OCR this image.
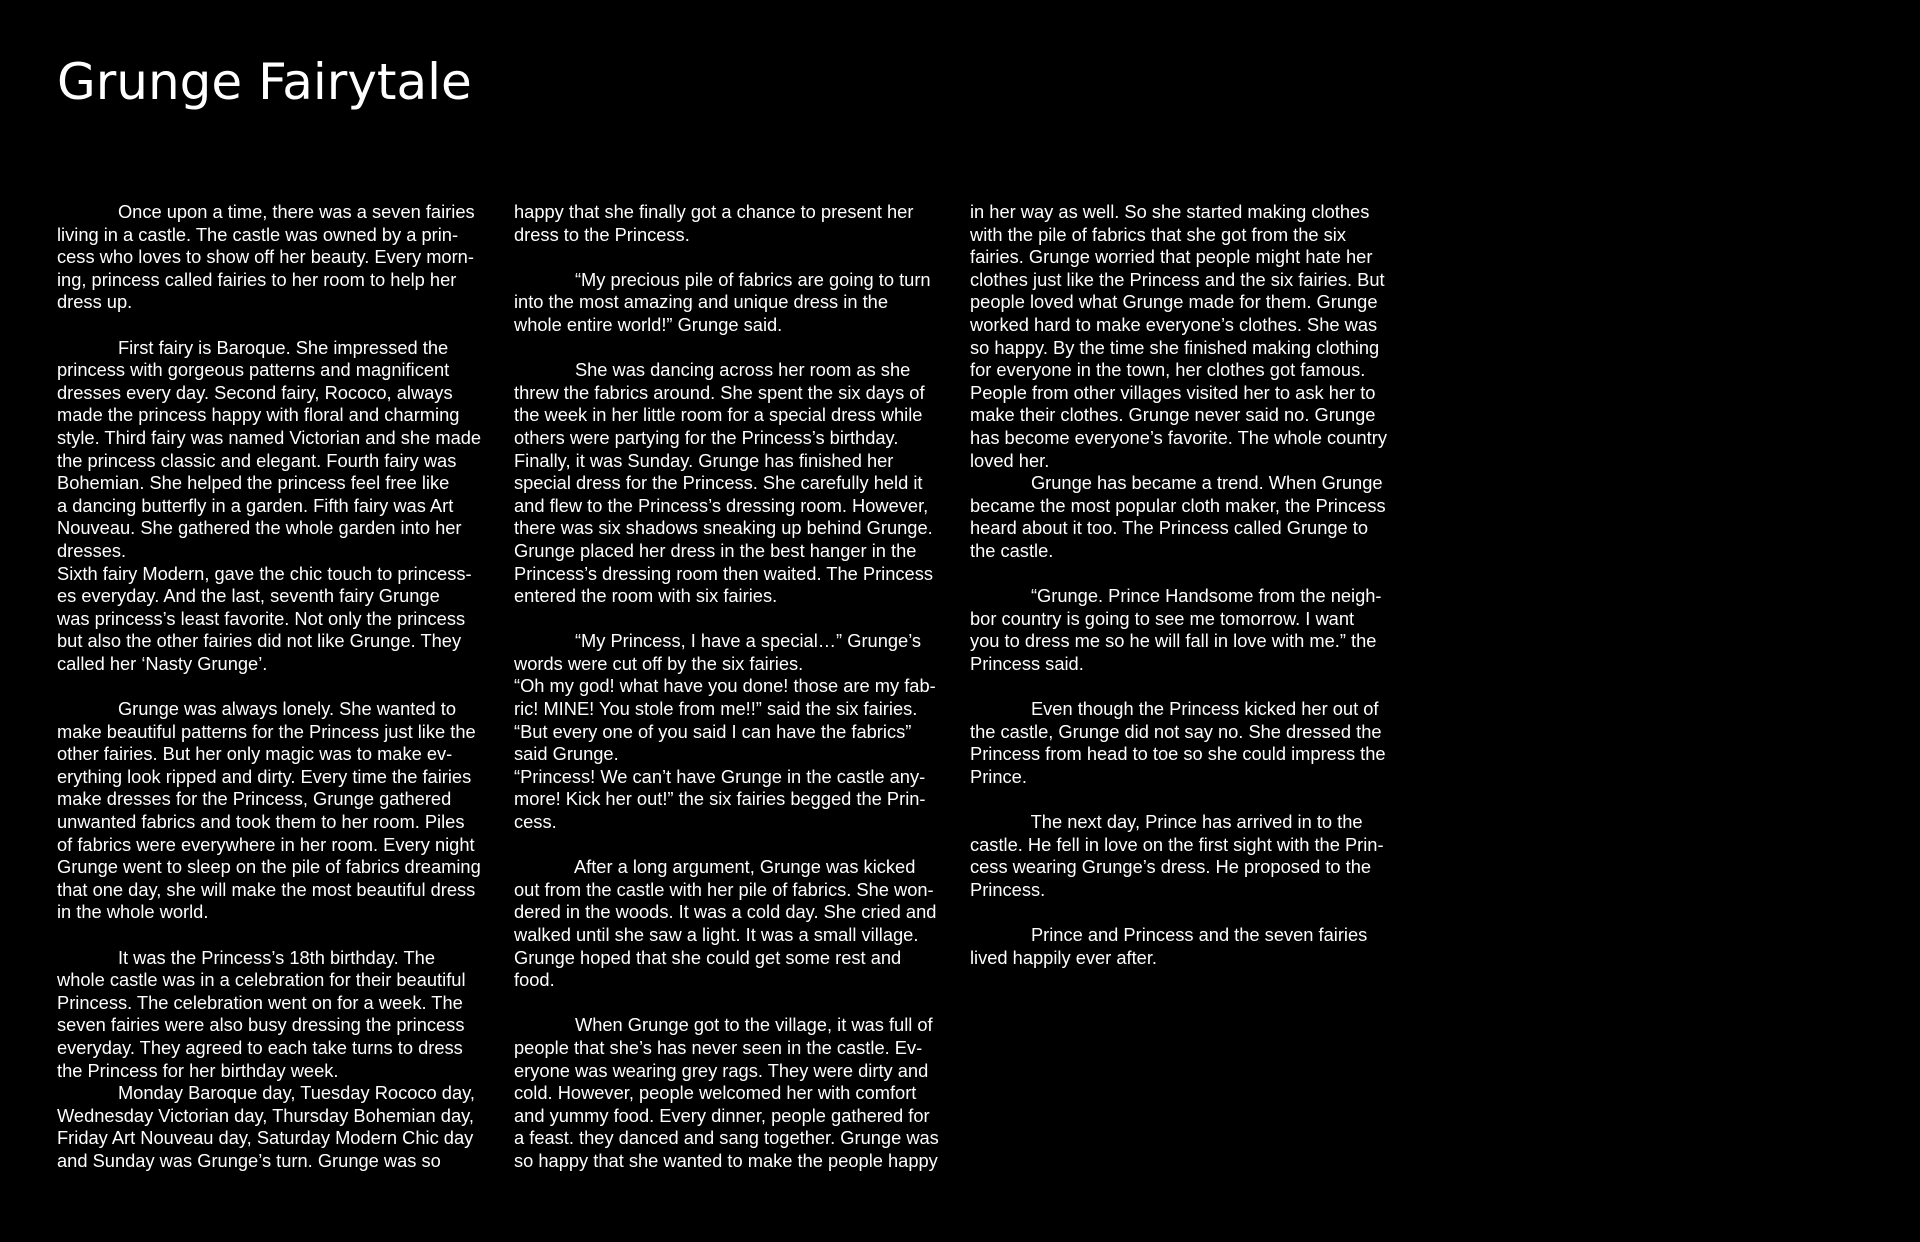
Grunge Fairytale
Once upon a time, there was a seven fairies
living in a castle. The castle was owned by a prin-
cess who loves to show off her beauty. Every morn-
ing, princess called fairies to her room to help her
dress up.
First fairy is Baroque. She impressed the
princess with gorgeous patterns and magnificent
dresses every day. Second fairy, Rococo, always
made the princess happy with floral and charming
style. Third fairy was named Victorian and she made
the princess classic and elegant. Fourth fairy was
Bohemian. She helped the princess feel free like
a dancing butterfly in a garden. Fifth fairy was Art
Nouveau. She gathered the whole garden into her
dresses.
Sixth fairy Modern, gave the chic touch to princess-
es everyday. And the last, seventh fairy Grunge
was princess’s least favorite. Not only the princess
but also the other fairies did not like Grunge. They
called her ‘Nasty Grunge’.
Grunge was always lonely. She wanted to
make beautiful patterns for the Princess just like the
other fairies. But her only magic was to make ev-
erything look ripped and dirty. Every time the fairies
make dresses for the Princess, Grunge gathered
unwanted fabrics and took them to her room. Piles
of fabrics were everywhere in her room. Every night
Grunge went to sleep on the pile of fabrics dreaming
that one day, she will make the most beautiful dress
in the whole world.
It was the Princess’s 18th birthday. The
whole castle was in a celebration for their beautiful
Princess. The celebration went on for a week. The
seven fairies were also busy dressing the princess
everyday. They agreed to each take turns to dress
the Princess for her birthday week.
Monday Baroque day, Tuesday Rococo day,
Wednesday Victorian day, Thursday Bohemian day,
Friday Art Nouveau day, Saturday Modern Chic day
and Sunday was Grunge’s turn. Grunge was so
happy that she finally got a chance to present her
dress to the Princess.
“My precious pile of fabrics are going to turn
into the most amazing and unique dress in the
whole entire world!” Grunge said.
She was dancing across her room as she
threw the fabrics around. She spent the six days of
the week in her little room for a special dress while
others were partying for the Princess’s birthday.
Finally, it was Sunday. Grunge has finished her
special dress for the Princess. She carefully held it
and flew to the Princess’s dressing room. However,
there was six shadows sneaking up behind Grunge.
Grunge placed her dress in the best hanger in the
Princess’s dressing room then waited. The Princess
entered the room with six fairies.
“My Princess, I have a special…” Grunge’s
words were cut off by the six fairies.
“Oh my god! what have you done! those are my fab-
ric! MINE! You stole from me!!” said the six fairies.
“But every one of you said I can have the fabrics”
said Grunge.
“Princess! We can’t have Grunge in the castle any-
more! Kick her out!” the six fairies begged the Prin-
cess.
After a long argument, Grunge was kicked
out from the castle with her pile of fabrics. She won-
dered in the woods. It was a cold day. She cried and
walked until she saw a light. It was a small village.
Grunge hoped that she could get some rest and
food.
When Grunge got to the village, it was full of
people that she’s has never seen in the castle. Ev-
eryone was wearing grey rags. They were dirty and
cold. However, people welcomed her with comfort
and yummy food. Every dinner, people gathered for
a feast. they danced and sang together. Grunge was
so happy that she wanted to make the people happy
in her way as well. So she started making clothes
with the pile of fabrics that she got from the six
fairies. Grunge worried that people might hate her
clothes just like the Princess and the six fairies. But
people loved what Grunge made for them. Grunge
worked hard to make everyone’s clothes. She was
so happy. By the time she finished making clothing
for everyone in the town, her clothes got famous.
People from other villages visited her to ask her to
make their clothes. Grunge never said no. Grunge
has become everyone’s favorite. The whole country
loved her.
Grunge has became a trend. When Grunge
became the most popular cloth maker, the Princess
heard about it too. The Princess called Grunge to
the castle.
“Grunge. Prince Handsome from the neigh-
bor country is going to see me tomorrow. I want
you to dress me so he will fall in love with me.” the
Princess said.
Even though the Princess kicked her out of
the castle, Grunge did not say no. She dressed the
Princess from head to toe so she could impress the
Prince.
The next day, Prince has arrived in to the
castle. He fell in love on the first sight with the Prin-
cess wearing Grunge’s dress. He proposed to the
Princess.
Prince and Princess and the seven fairies
lived happily ever after.
